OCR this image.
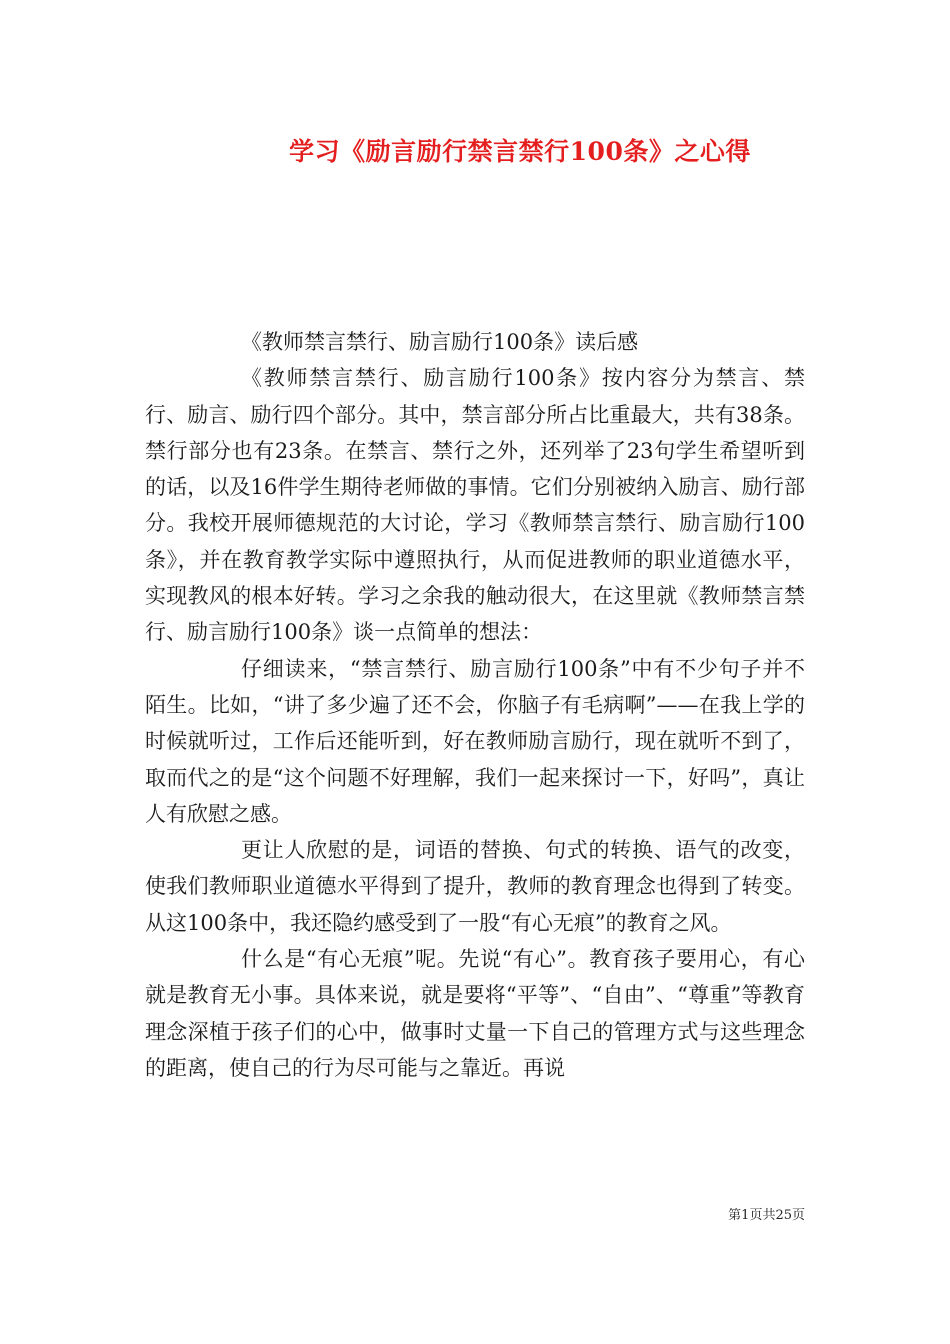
学习《励言励行禁言禁行100条》之心得

《教师禁言禁行、励言励行100条》读后感

《教师禁言禁行、励言励行100条》按内容分为禁言、禁行、励言、励行四个部分。其中，禁言部分所占比重最大，共有38条。禁行部分也有23条。在禁言、禁行之外，还列举了23句学生希望听到的话，以及16件学生期待老师做的事情。它们分别被纳入励言、励行部分。我校开展师德规范的大讨论，学习《教师禁言禁行、励言励行100条》，并在教育教学实际中遵照执行，从而促进教师的职业道德水平，实现教风的根本好转。学习之余我的触动很大，在这里就《教师禁言禁行、励言励行100条》谈一点简单的想法：

仔细读来，“禁言禁行、励言励行100条”中有不少句子并不陌生。比如，“讲了多少遍了还不会，你脑子有毛病啊”——在我上学的时候就听过，工作后还能听到，好在教师励言励行，现在就听不到了，取而代之的是“这个问题不好理解，我们一起来探讨一下，好吗”，真让人有欣慰之感。

更让人欣慰的是，词语的替换、句式的转换、语气的改变，使我们教师职业道德水平得到了提升，教师的教育理念也得到了转变。从这100条中，我还隐约感受到了一股“有心无痕”的教育之风。

什么是“有心无痕”呢。先说“有心”。教育孩子要用心，有心就是教育无小事。具体来说，就是要将“平等”、“自由”、“尊重”等教育理念深植于孩子们的心中，做事时丈量一下自己的管理方式与这些理念的距离，使自己的行为尽可能与之靠近。再说

第1页共25页
